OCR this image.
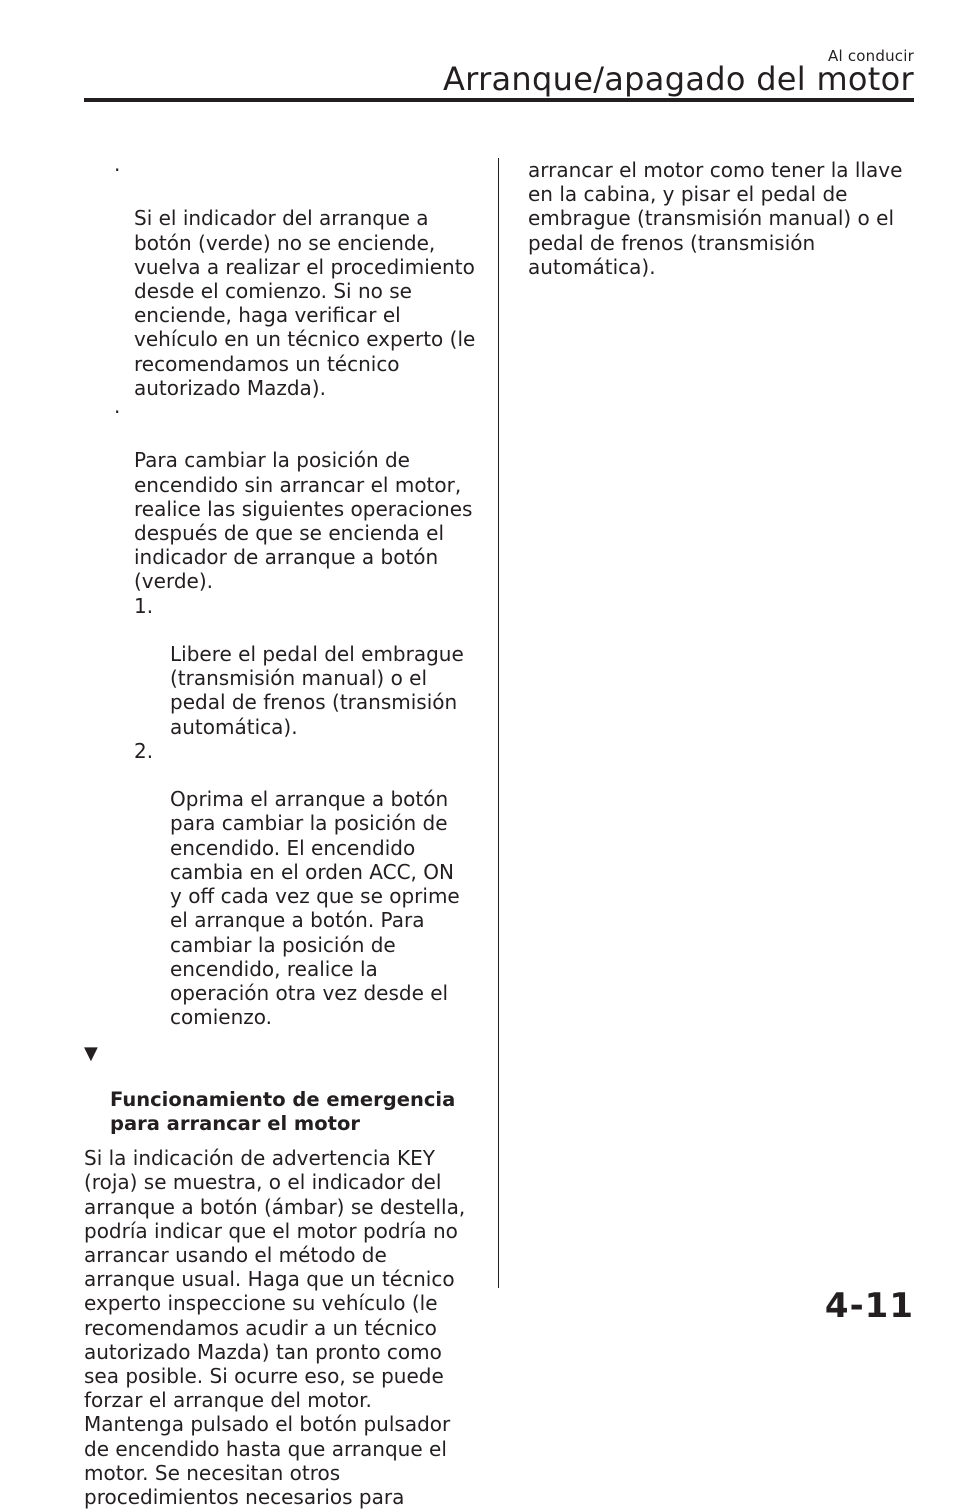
Al conducir
Arranque/apagado del motor

·

Si el indicador del arranque a
botón (verde) no se enciende,
vuelva a realizar el procedimiento
desde el comienzo. Si no se
enciende, haga verificar el
vehículo en un técnico experto (le
recomendamos un técnico
autorizado Mazda).

·

Para cambiar la posición de
encendido sin arrancar el motor,
realice las siguientes operaciones
después de que se encienda el
indicador de arranque a botón
(verde).

1.

Libere el pedal del embrague
(transmisión manual) o el
pedal de frenos (transmisión
automática).

2.

Oprima el arranque a botón
para cambiar la posición de
encendido. El encendido
cambia en el orden ACC, ON
y off cada vez que se oprime
el arranque a botón. Para
cambiar la posición de
encendido, realice la
operación otra vez desde el
comienzo.

▼

Funcionamiento de emergencia
para arrancar el motor

Si la indicación de advertencia KEY
(roja) se muestra, o el indicador del
arranque a botón (ámbar) se destella,
podría indicar que el motor podría no
arrancar usando el método de
arranque usual. Haga que un técnico
experto inspeccione su vehículo (le
recomendamos acudir a un técnico
autorizado Mazda) tan pronto como
sea posible. Si ocurre eso, se puede
forzar el arranque del motor.
Mantenga pulsado el botón pulsador
de encendido hasta que arranque el
motor. Se necesitan otros
procedimientos necesarios para

arrancar el motor como tener la llave
en la cabina, y pisar el pedal de
embrague (transmisión manual) o el
pedal de frenos (transmisión
automática).

4-11
